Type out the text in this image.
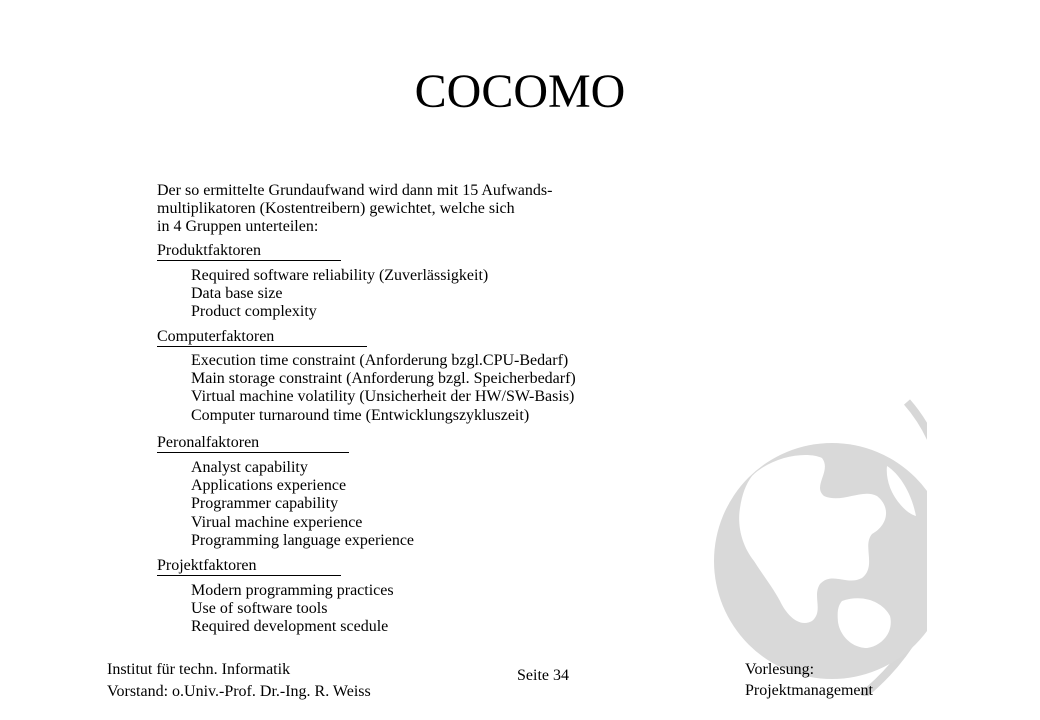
COCOMO
Der so ermittelte Grundaufwand wird dann mit 15 Aufwands-
multiplikatoren (Kostentreibern) gewichtet, welche sich
in 4 Gruppen unterteilen:
Produktfaktoren
Required software reliability (Zuverlässigkeit)
Data base size
Product complexity
Computerfaktoren
Execution time constraint (Anforderung bzgl.CPU-Bedarf)
Main storage constraint (Anforderung bzgl. Speicherbedarf)
Virtual machine volatility (Unsicherheit der HW/SW-Basis)
Computer turnaround time (Entwicklungszykluszeit)
Peronalfaktoren
Analyst capability
Applications experience
Programmer capability
Virual machine experience
Programming language experience
Projektfaktoren
Modern programming practices
Use of software tools
Required development scedule
Institut für techn. Informatik
Vorstand: o.Univ.-Prof. Dr.-Ing. R. Weiss
Seite 34	Vorlesung:
Projektmanagement
